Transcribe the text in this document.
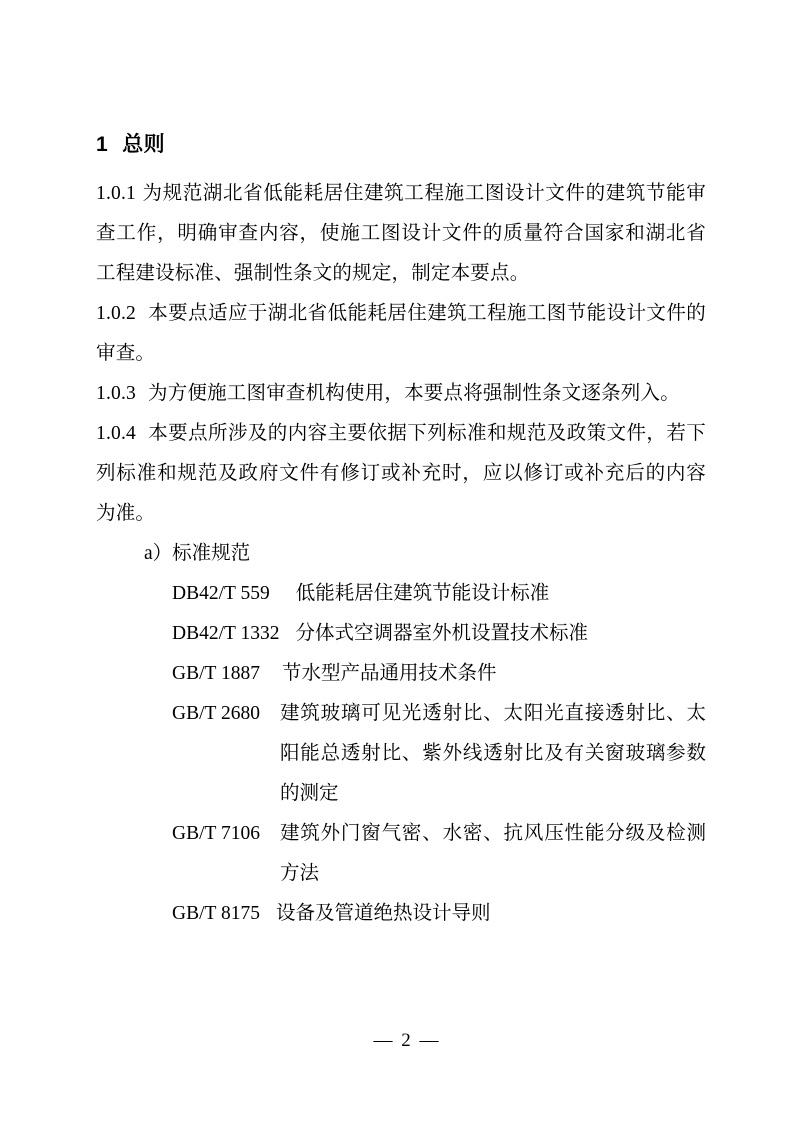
1 总则

1.0.1 为规范湖北省低能耗居住建筑工程施工图设计文件的建筑节能审查工作，明确审查内容，使施工图设计文件的质量符合国家和湖北省工程建设标准、强制性条文的规定，制定本要点。

1.0.2 本要点适应于湖北省低能耗居住建筑工程施工图节能设计文件的审查。

1.0.3 为方便施工图审查机构使用，本要点将强制性条文逐条列入。

1.0.4 本要点所涉及的内容主要依据下列标准和规范及政策文件，若下列标准和规范及政府文件有修订或补充时，应以修订或补充后的内容为准。

a）标准规范

DB42/T 559 低能耗居住建筑节能设计标准
DB42/T 1332 分体式空调器室外机设置技术标准
GB/T 1887 节水型产品通用技术条件
GB/T 2680 建筑玻璃可见光透射比、太阳光直接透射比、太阳能总透射比、紫外线透射比及有关窗玻璃参数的测定
GB/T 7106 建筑外门窗气密、水密、抗风压性能分级及检测方法
GB/T 8175 设备及管道绝热设计导则
— 2 —
